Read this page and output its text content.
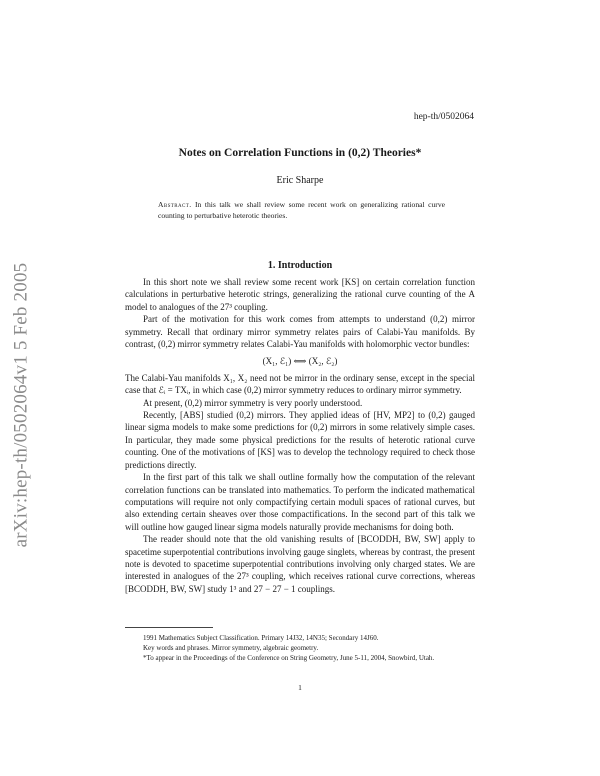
arXiv:hep-th/0502064v1 5 Feb 2005
hep-th/0502064
Notes on Correlation Functions in (0,2) Theories*
Eric Sharpe
Abstract. In this talk we shall review some recent work on generalizing rational curve counting to perturbative heterotic theories.
1. Introduction

In this short note we shall review some recent work [KS] on certain correlation function calculations in perturbative heterotic strings, generalizing the rational curve counting of the A model to analogues of the 27³ coupling.

Part of the motivation for this work comes from attempts to understand (0,2) mirror symmetry. Recall that ordinary mirror symmetry relates pairs of Calabi-Yau manifolds. By contrast, (0,2) mirror symmetry relates Calabi-Yau manifolds with holomorphic vector bundles:

(X₁, ℰ₁) ⟺ (X₂, ℰ₂)

The Calabi-Yau manifolds X₁, X₂ need not be mirror in the ordinary sense, except in the special case that ℰᵢ = TXᵢ, in which case (0,2) mirror symmetry reduces to ordinary mirror symmetry.

At present, (0,2) mirror symmetry is very poorly understood.

Recently, [ABS] studied (0,2) mirrors. They applied ideas of [HV, MP2] to (0,2) gauged linear sigma models to make some predictions for (0,2) mirrors in some relatively simple cases. In particular, they made some physical predictions for the results of heterotic rational curve counting. One of the motivations of [KS] was to develop the technology required to check those predictions directly.

In the first part of this talk we shall outline formally how the computation of the relevant correlation functions can be translated into mathematics. To perform the indicated mathematical computations will require not only compactifying certain moduli spaces of rational curves, but also extending certain sheaves over those compactifications. In the second part of this talk we will outline how gauged linear sigma models naturally provide mechanisms for doing both.

The reader should note that the old vanishing results of [BCODDH, BW, SW] apply to spacetime superpotential contributions involving gauge singlets, whereas by contrast, the present note is devoted to spacetime superpotential contributions involving only charged states. We are interested in analogues of the 27³ coupling, which receives rational curve corrections, whereas [BCODDH, BW, SW] study 1³ and 27 − 27 − 1 couplings.

1991 Mathematics Subject Classification. Primary 14J32, 14N35; Secondary 14J60.

Key words and phrases. Mirror symmetry, algebraic geometry.

*To appear in the Proceedings of the Conference on String Geometry, June 5-11, 2004, Snowbird, Utah.

1
